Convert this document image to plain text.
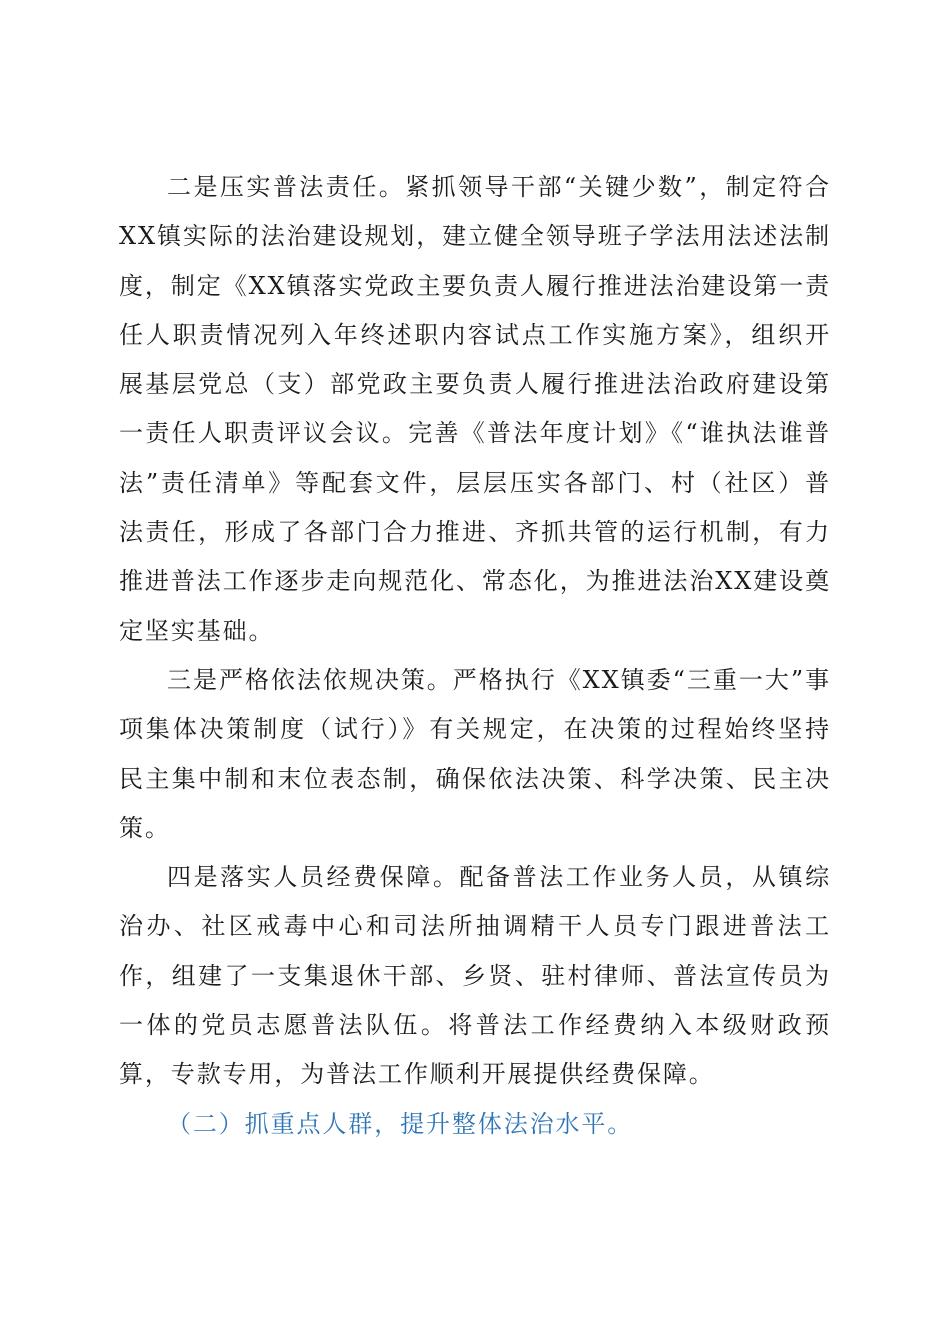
二是压实普法责任。紧抓领导干部“关键少数”，制定符合XX镇实际的法治建设规划，建立健全领导班子学法用法述法制度，制定《XX镇落实党政主要负责人履行推进法治建设第一责任人职责情况列入年终述职内容试点工作实施方案》，组织开展基层党总（支）部党政主要负责人履行推进法治政府建设第一责任人职责评议会议。完善《普法年度计划》《“谁执法谁普法”责任清单》等配套文件，层层压实各部门、村（社区）普法责任，形成了各部门合力推进、齐抓共管的运行机制，有力推进普法工作逐步走向规范化、常态化，为推进法治XX建设奠定坚实基础。

三是严格依法依规决策。严格执行《XX镇委“三重一大”事项集体决策制度（试行）》有关规定，在决策的过程始终坚持民主集中制和末位表态制，确保依法决策、科学决策、民主决策。

四是落实人员经费保障。配备普法工作业务人员，从镇综治办、社区戒毒中心和司法所抽调精干人员专门跟进普法工作，组建了一支集退休干部、乡贤、驻村律师、普法宣传员为一体的党员志愿普法队伍。将普法工作经费纳入本级财政预算，专款专用，为普法工作顺利开展提供经费保障。

（二）抓重点人群，提升整体法治水平。
